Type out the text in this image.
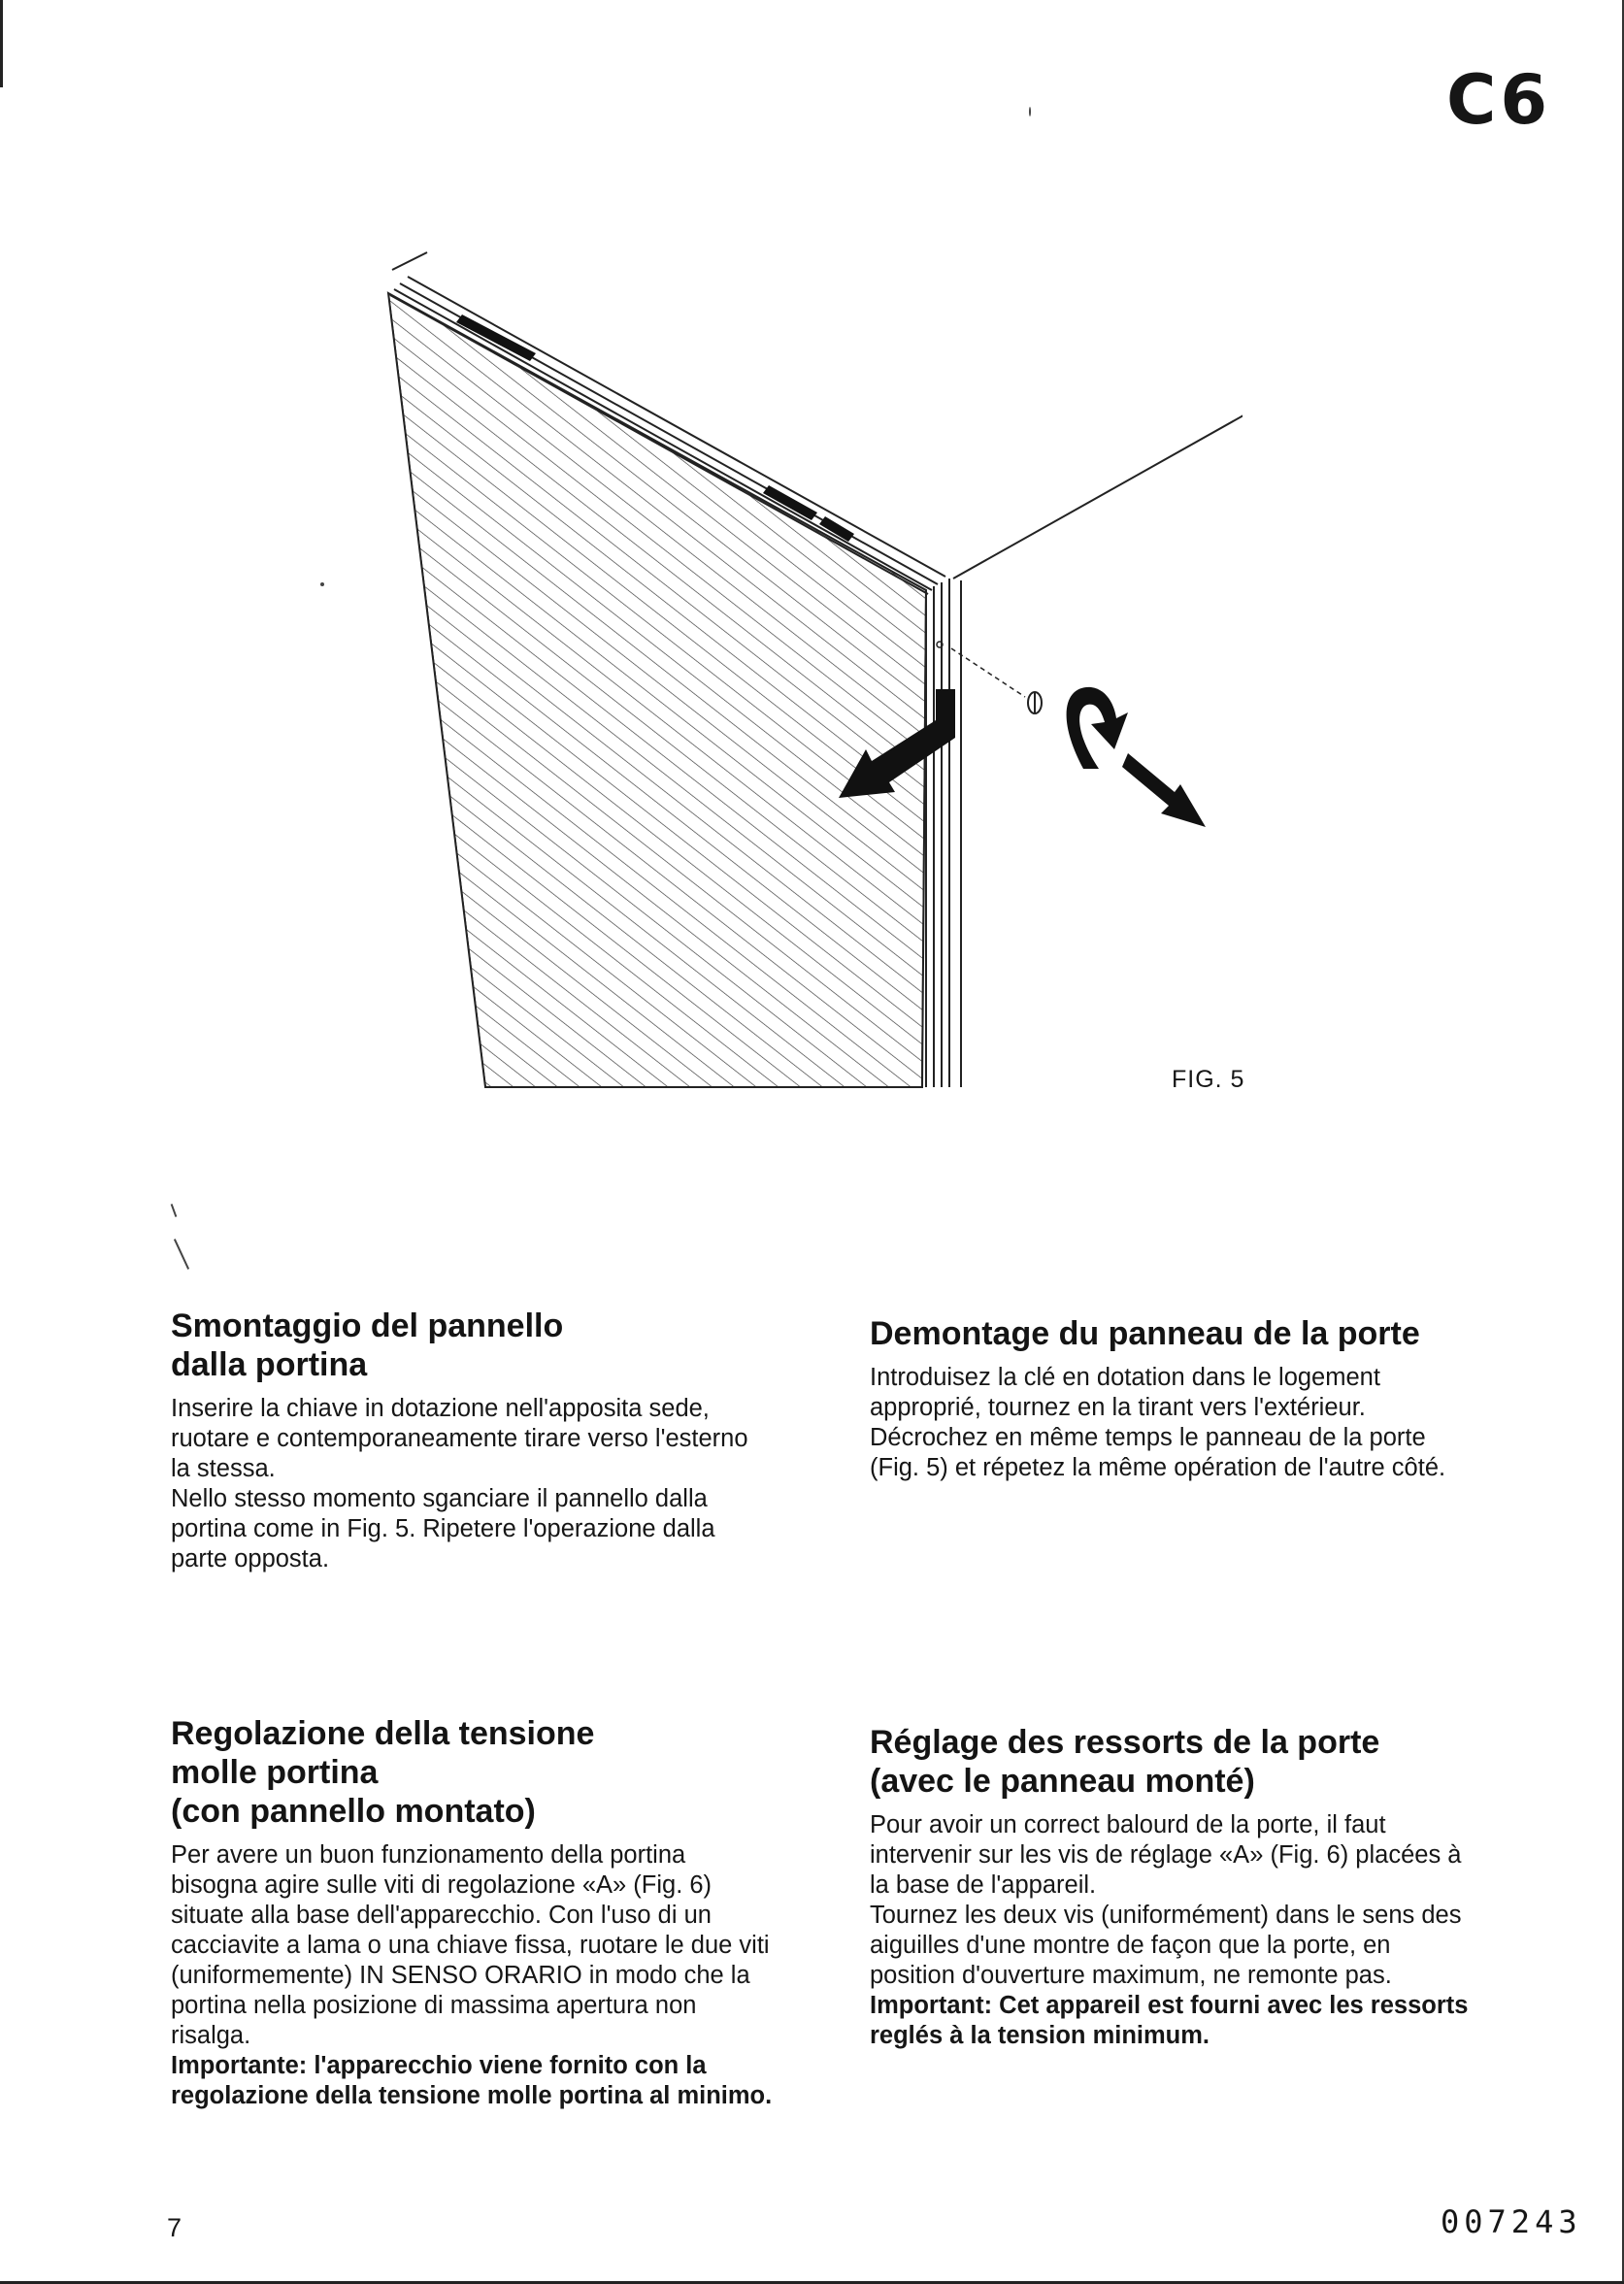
C6
FIG. 5
Smontaggio del pannello
dalla portina

Inserire la chiave in dotazione nell'apposita sede, ruotare e contemporaneamente tirare verso l'esterno la stessa.

Nello stesso momento sganciare il pannello dalla portina come in Fig. 5. Ripetere l'operazione dalla parte opposta.

Demontage du panneau de la porte

Introduisez la clé en dotation dans le logement approprié, tournez en la tirant vers l'extérieur. Décrochez en même temps le panneau de la porte (Fig. 5) et répetez la même opération de l'autre côté.

Regolazione della tensione
molle portina
(con pannello montato)

Per avere un buon funzionamento della portina bisogna agire sulle viti di regolazione «A» (Fig. 6) situate alla base dell'apparecchio. Con l'uso di un cacciavite a lama o una chiave fissa, ruotare le due viti (uniformemente) IN SENSO ORARIO in modo che la portina nella posizione di massima apertura non risalga.

Importante: l'apparecchio viene fornito con la regolazione della tensione molle portina al minimo.

Réglage des ressorts de la porte
(avec le panneau monté)

Pour avoir un correct balourd de la porte, il faut intervenir sur les vis de réglage «A» (Fig. 6) placées à la base de l'appareil.

Tournez les deux vis (uniformément) dans le sens des aiguilles d'une montre de façon que la porte, en position d'ouverture maximum, ne remonte pas.

Important: Cet appareil est fourni avec les ressorts reglés à la tension minimum.

7	007243
